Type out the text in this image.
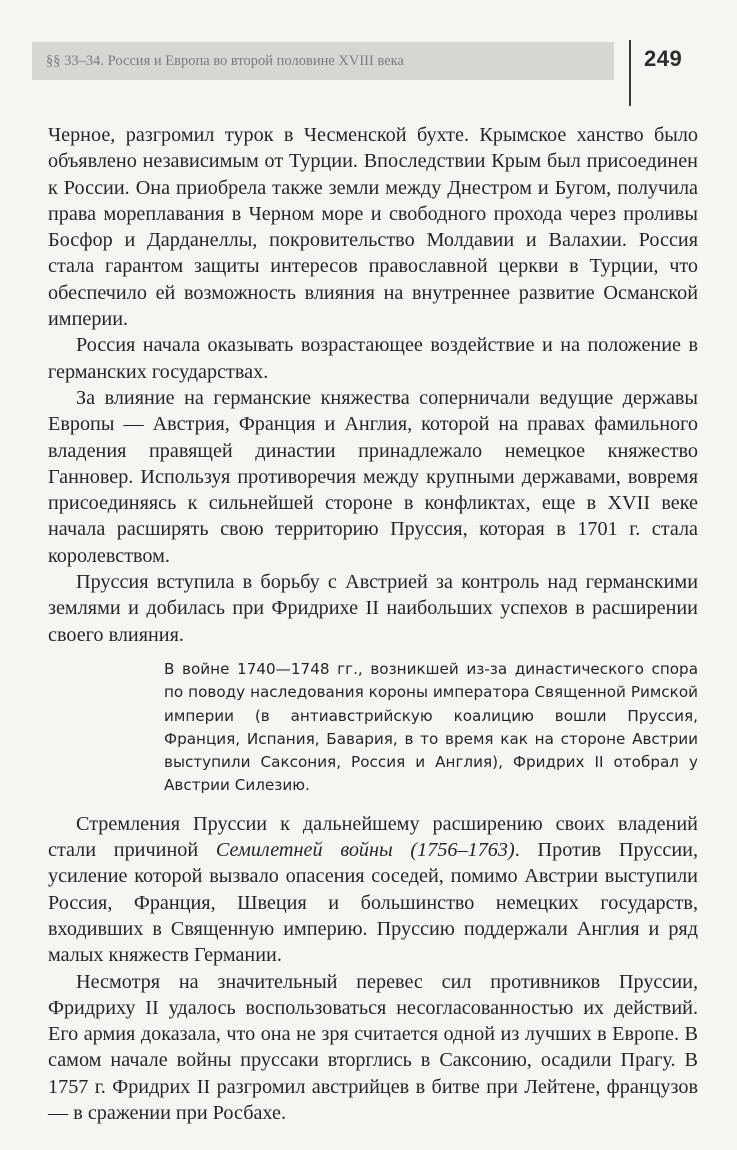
§§ 33–34. Россия и Европа во второй половине XVIII века	249

Черное, разгромил турок в Чесменской бухте. Крымское ханство было объявлено независимым от Турции. Впоследствии Крым был присоединен к России. Она приобрела также земли между Днестром и Бугом, получила права мореплавания в Черном море и свободного прохода через проливы Босфор и Дарданеллы, покровительство Молдавии и Валахии. Россия стала гарантом защиты интересов православной церкви в Турции, что обеспечило ей возможность влияния на внутреннее развитие Османской империи.

Россия начала оказывать возрастающее воздействие и на положение в германских государствах.

За влияние на германские княжества соперничали ведущие державы Европы — Австрия, Франция и Англия, которой на правах фамильного владения правящей династии принадлежало немецкое княжество Ганновер. Используя противоречия между крупными державами, вовремя присоединяясь к сильнейшей стороне в конфликтах, еще в XVII веке начала расширять свою территорию Пруссия, которая в 1701 г. стала королевством.

Пруссия вступила в борьбу с Австрией за контроль над германскими землями и добилась при Фридрихе II наибольших успехов в расширении своего влияния.

В войне 1740—1748 гг., возникшей из-за династического спора по поводу наследования короны императора Священной Римской империи (в антиавстрийскую коалицию вошли Пруссия, Франция, Испания, Бавария, в то время как на стороне Австрии выступили Саксония, Россия и Англия), Фридрих II отобрал у Австрии Силезию.

Стремления Пруссии к дальнейшему расширению своих владений стали причиной Семилетней войны (1756–1763). Против Пруссии, усиление которой вызвало опасения соседей, помимо Австрии выступили Россия, Франция, Швеция и большинство немецких государств, входивших в Священную империю. Пруссию поддержали Англия и ряд малых княжеств Германии.

Несмотря на значительный перевес сил противников Пруссии, Фридриху II удалось воспользоваться несогласованностью их действий. Его армия доказала, что она не зря считается одной из лучших в Европе. В самом начале войны пруссаки вторглись в Саксонию, осадили Прагу. В 1757 г. Фридрих II разгромил австрийцев в битве при Лейтене, французов — в сражении при Росбахе.
